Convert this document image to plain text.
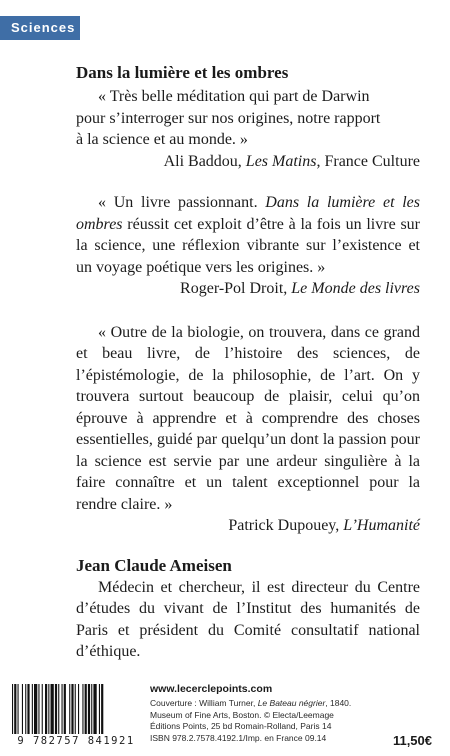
Sciences
Dans la lumière et les ombres
« Très belle méditation qui part de Darwin
pour s’interroger sur nos origines, notre rapport
à la science et au monde. »
Ali Baddou, Les Matins, France Culture
« Un livre passionnant. Dans la lumière et les ombres réussit cet exploit d’être à la fois un livre sur la science, une réflexion vibrante sur l’existence et un voyage poétique vers les origines. »
Roger-Pol Droit, Le Monde des livres
« Outre de la biologie, on trouvera, dans ce grand et beau livre, de l’histoire des sciences, de l’épistémologie, de la philosophie, de l’art. On y trouvera surtout beaucoup de plaisir, celui qu’on éprouve à apprendre et à comprendre des choses essentielles, guidé par quelqu’un dont la passion pour la science est servie par une ardeur singulière à la faire connaître et un talent exceptionnel pour la rendre claire. »
Patrick Dupouey, L’Humanité
Jean Claude Ameisen
Médecin et chercheur, il est directeur du Centre d’études du vivant de l’Institut des humanités de Paris et président du Comité consultatif national d’éthique.
9 782757 841921
www.lecerclepoints.com
Couverture : William Turner, Le Bateau négrier, 1840.
Museum of Fine Arts, Boston. © Electa/Leemage
Éditions Points, 25 bd Romain-Rolland, Paris 14
ISBN 978.2.7578.4192.1/Imp. en France 09.14	11,50€
